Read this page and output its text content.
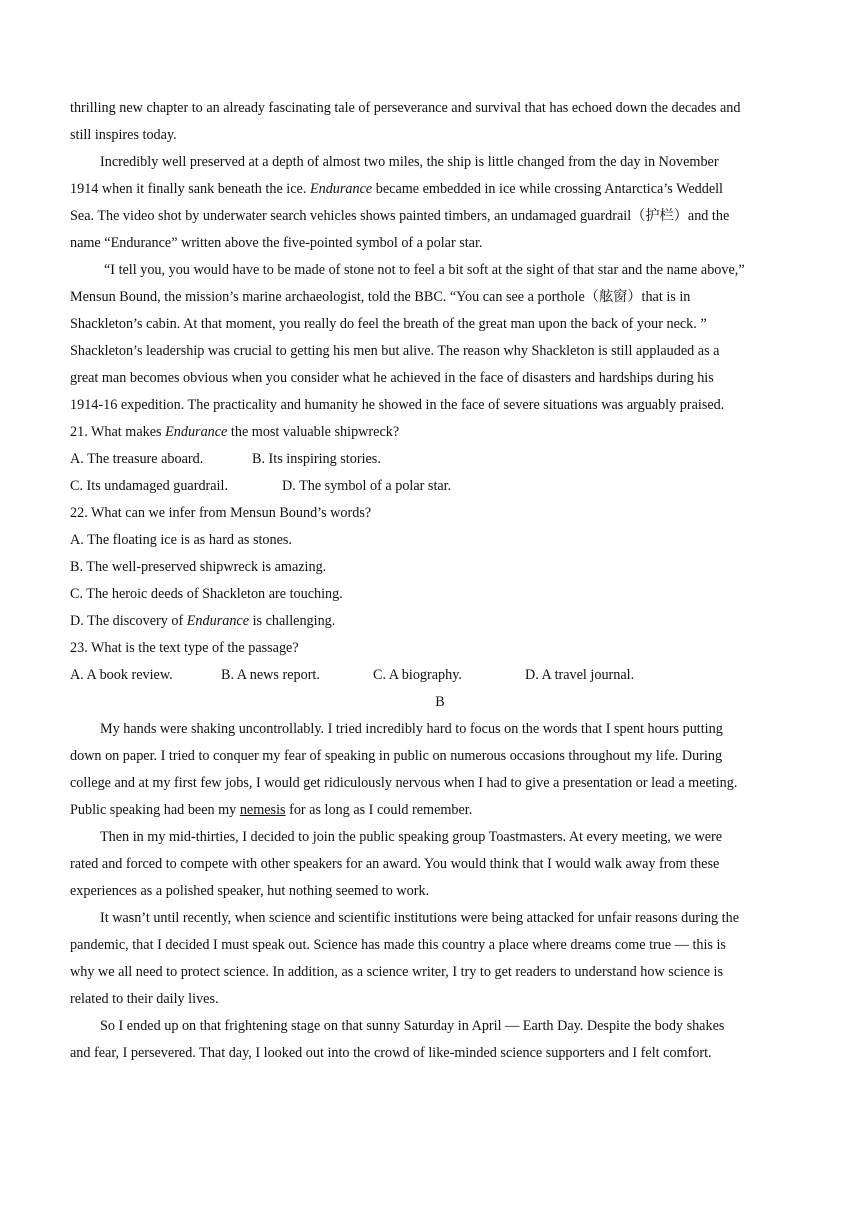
thrilling new chapter to an already fascinating tale of perseverance and survival that has echoed down the decades and
still inspires today.
Incredibly well preserved at a depth of almost two miles, the ship is little changed from the day in November
1914 when it finally sank beneath the ice. Endurance became embedded in ice while crossing Antarctica’s Weddell
Sea. The video shot by underwater search vehicles shows painted timbers, an undamaged guardrail（护栏）and the
name “Endurance” written above the five-pointed symbol of a polar star.
“I tell you, you would have to be made of stone not to feel a bit soft at the sight of that star and the name above,”
Mensun Bound, the mission’s marine archaeologist, told the BBC. “You can see a porthole（舷窗）that is in
Shackleton’s cabin. At that moment, you really do feel the breath of the great man upon the back of your neck. ”
Shackleton’s leadership was crucial to getting his men but alive. The reason why Shackleton is still applauded as a
great man becomes obvious when you consider what he achieved in the face of disasters and hardships during his
1914-16 expedition. The practicality and humanity he showed in the face of severe situations was arguably praised.
21. What makes Endurance the most valuable shipwreck?
A. The treasure aboard.	B. Its inspiring stories.
C. Its undamaged guardrail.	D. The symbol of a polar star.
22. What can we infer from Mensun Bound’s words?
A. The floating ice is as hard as stones.
B. The well-preserved shipwreck is amazing.
C. The heroic deeds of Shackleton are touching.
D. The discovery of Endurance is challenging.
23. What is the text type of the passage?
A. A book review.	B. A news report.	C. A biography.	D. A travel journal.
B
My hands were shaking uncontrollably. I tried incredibly hard to focus on the words that I spent hours putting
down on paper. I tried to conquer my fear of speaking in public on numerous occasions throughout my life. During
college and at my first few jobs, I would get ridiculously nervous when I had to give a presentation or lead a meeting.
Public speaking had been my nemesis for as long as I could remember.
Then in my mid-thirties, I decided to join the public speaking group Toastmasters. At every meeting, we were
rated and forced to compete with other speakers for an award. You would think that I would walk away from these
experiences as a polished speaker, hut nothing seemed to work.
It wasn’t until recently, when science and scientific institutions were being attacked for unfair reasons during the
pandemic, that I decided I must speak out. Science has made this country a place where dreams come true — this is
why we all need to protect science. In addition, as a science writer, I try to get readers to understand how science is
related to their daily lives.
So I ended up on that frightening stage on that sunny Saturday in April — Earth Day. Despite the body shakes
and fear, I persevered. That day, I looked out into the crowd of like-minded science supporters and I felt comfort.
